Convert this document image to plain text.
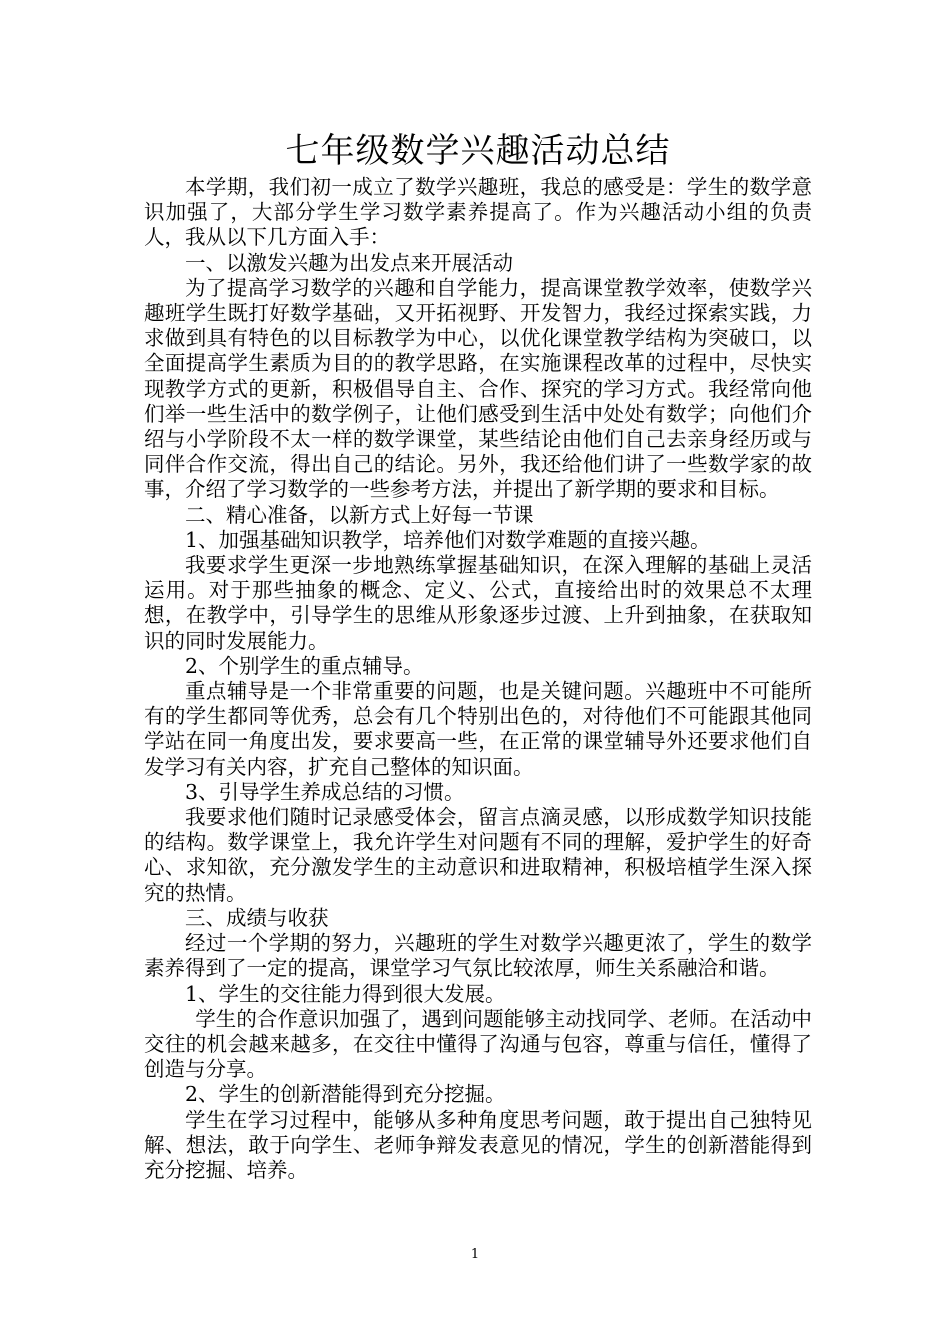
七年级数学兴趣活动总结

本学期，我们初一成立了数学兴趣班，我总的感受是：学生的数学意识加强了，大部分学生学习数学素养提高了。作为兴趣活动小组的负责人，我从以下几方面入手：

一、以激发兴趣为出发点来开展活动

为了提高学习数学的兴趣和自学能力，提高课堂教学效率，使数学兴趣班学生既打好数学基础，又开拓视野、开发智力，我经过探索实践，力求做到具有特色的以目标教学为中心，以优化课堂教学结构为突破口，以全面提高学生素质为目的的教学思路，在实施课程改革的过程中，尽快实现教学方式的更新，积极倡导自主、合作、探究的学习方式。我经常向他们举一些生活中的数学例子，让他们感受到生活中处处有数学；向他们介绍与小学阶段不太一样的数学课堂，某些结论由他们自己去亲身经历或与同伴合作交流，得出自己的结论。另外，我还给他们讲了一些数学家的故事，介绍了学习数学的一些参考方法，并提出了新学期的要求和目标。

二、精心准备，以新方式上好每一节课

1、加强基础知识教学，培养他们对数学难题的直接兴趣。

我要求学生更深一步地熟练掌握基础知识，在深入理解的基础上灵活运用。对于那些抽象的概念、定义、公式，直接给出时的效果总不太理想，在教学中，引导学生的思维从形象逐步过渡、上升到抽象，在获取知识的同时发展能力。

2、个别学生的重点辅导。

重点辅导是一个非常重要的问题，也是关键问题。兴趣班中不可能所有的学生都同等优秀，总会有几个特别出色的，对待他们不可能跟其他同学站在同一角度出发，要求要高一些，在正常的课堂辅导外还要求他们自发学习有关内容，扩充自己整体的知识面。

3、引导学生养成总结的习惯。

我要求他们随时记录感受体会，留言点滴灵感，以形成数学知识技能的结构。数学课堂上，我允许学生对问题有不同的理解，爱护学生的好奇心、求知欲，充分激发学生的主动意识和进取精神，积极培植学生深入探究的热情。

三、成绩与收获

经过一个学期的努力，兴趣班的学生对数学兴趣更浓了，学生的数学素养得到了一定的提高，课堂学习气氛比较浓厚，师生关系融洽和谐。

1、学生的交往能力得到很大发展。

学生的合作意识加强了，遇到问题能够主动找同学、老师。在活动中交往的机会越来越多，在交往中懂得了沟通与包容，尊重与信任，懂得了创造与分享。

2、学生的创新潜能得到充分挖掘。

学生在学习过程中，能够从多种角度思考问题，敢于提出自己独特见解、想法，敢于向学生、老师争辩发表意见的情况，学生的创新潜能得到充分挖掘、培养。

1
